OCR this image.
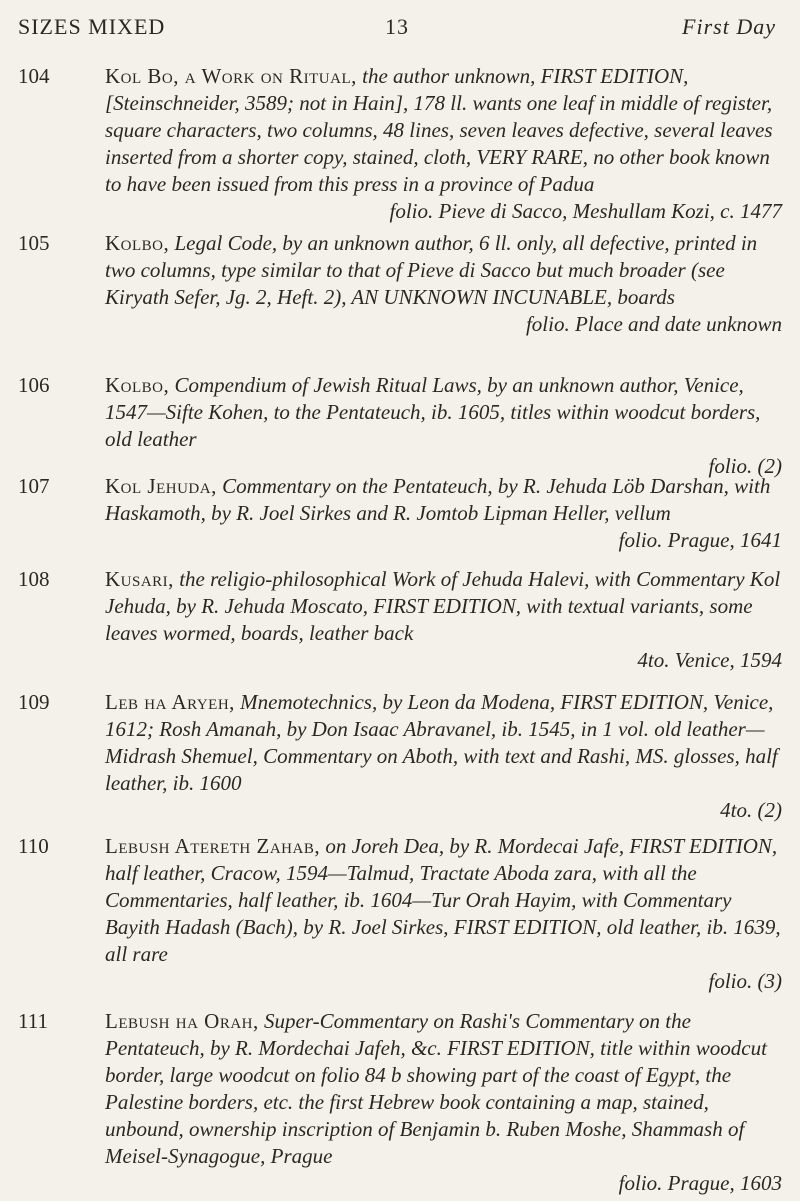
SIZES MIXED	13	First Day
104	Kol Bo, a Work on Ritual, the author unknown, FIRST EDITION, [Steinschneider, 3589; not in Hain], 178 ll. wants one leaf in middle of register, square characters, two columns, 48 lines, seven leaves defective, several leaves inserted from a shorter copy, stained, cloth, VERY RARE, no other book known to have been issued from this press in a province of Padua
folio. Pieve di Sacco, Meshullam Kozi, c. 1477
105	Kolbo, Legal Code, by an unknown author, 6 ll. only, all defective, printed in two columns, type similar to that of Pieve di Sacco but much broader (see Kiryath Sefer, Jg. 2, Heft. 2), AN UNKNOWN INCUNABLE, boards
folio. Place and date unknown
106	Kolbo, Compendium of Jewish Ritual Laws, by an unknown author, Venice, 1547—Sifte Kohen, to the Pentateuch, ib. 1605, titles within woodcut borders, old leather
folio. (2)
107	Kol Jehuda, Commentary on the Pentateuch, by R. Jehuda Löb Darshan, with Haskamoth, by R. Joel Sirkes and R. Jomtob Lipman Heller, vellum
folio. Prague, 1641
108	Kusari, the religio-philosophical Work of Jehuda Halevi, with Commentary Kol Jehuda, by R. Jehuda Moscato, FIRST EDITION, with textual variants, some leaves wormed, boards, leather back
4to. Venice, 1594
109	Leb ha Aryeh, Mnemotechnics, by Leon da Modena, FIRST EDITION, Venice, 1612; Rosh Amanah, by Don Isaac Abravanel, ib. 1545, in 1 vol. old leather—Midrash Shemuel, Commentary on Aboth, with text and Rashi, MS. glosses, half leather, ib. 1600
4to. (2)
110	Lebush Atereth Zahab, on Joreh Dea, by R. Mordecai Jafe, FIRST EDITION, half leather, Cracow, 1594—Talmud, Tractate Aboda zara, with all the Commentaries, half leather, ib. 1604—Tur Orah Hayim, with Commentary Bayith Hadash (Bach), by R. Joel Sirkes, FIRST EDITION, old leather, ib. 1639, all rare
folio. (3)
111	Lebush ha Orah, Super-Commentary on Rashi's Commentary on the Pentateuch, by R. Mordechai Jafeh, &c. FIRST EDITION, title within woodcut border, large woodcut on folio 84 b showing part of the coast of Egypt, the Palestine borders, etc. the first Hebrew book containing a map, stained, unbound, ownership inscription of Benjamin b. Ruben Moshe, Shammash of Meisel-Synagogue, Prague
folio. Prague, 1603
